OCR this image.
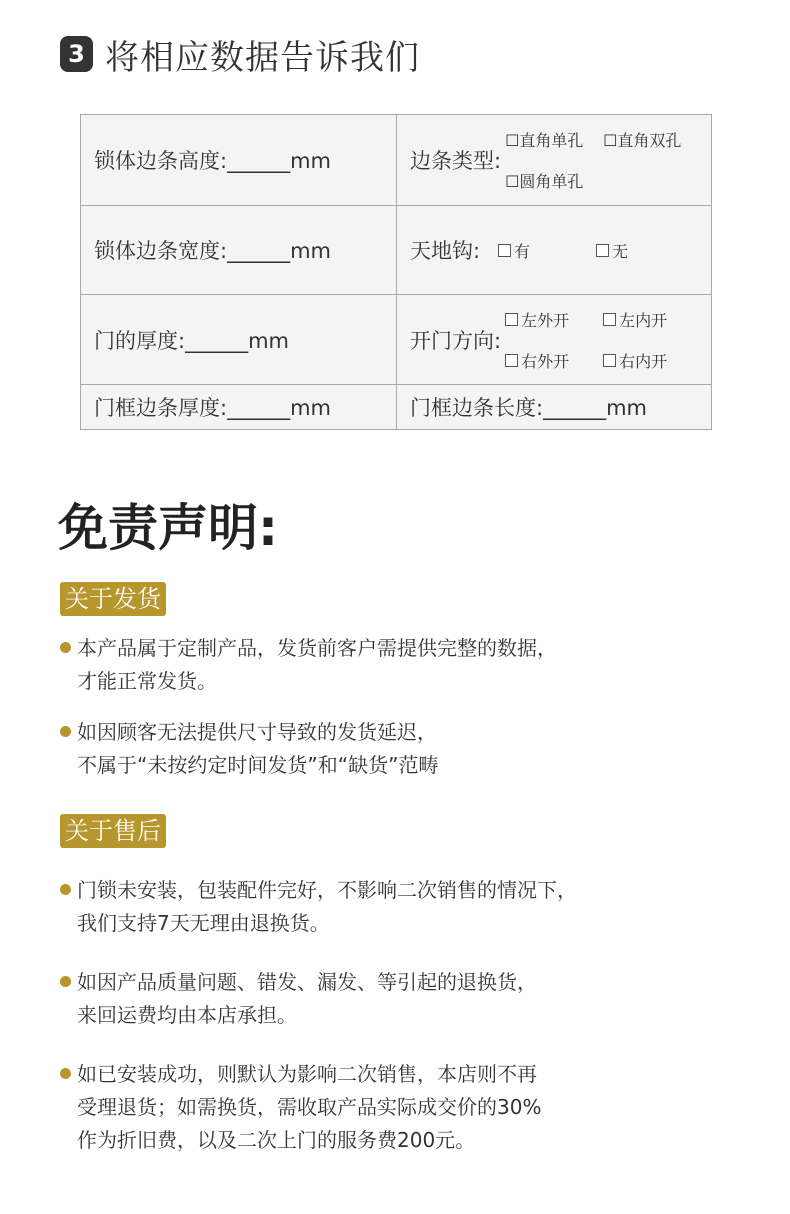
3 将相应数据告诉我们
锁体边条高度:______mm	边条类型:
☐直角单孔 ☐直角双孔
☐圆角单孔

锁体边条宽度:______mm	天地钩: 有 无

门的厚度:______mm	开门方向:
左外开 左内开
右外开 右内开

门框边条厚度:______mm	门框边条长度:______mm
免责声明:
关于发货
本产品属于定制产品，发货前客户需提供完整的数据，
才能正常发货。
如因顾客无法提供尺寸导致的发货延迟，
不属于“未按约定时间发货”和“缺货”范畴
关于售后
门锁未安装，包装配件完好，不影响二次销售的情况下，
我们支持7天无理由退换货。
如因产品质量问题、错发、漏发、等引起的退换货，
来回运费均由本店承担。
如已安装成功，则默认为影响二次销售，本店则不再
受理退货；如需换货，需收取产品实际成交价的30%
作为折旧费，以及二次上门的服务费200元。
